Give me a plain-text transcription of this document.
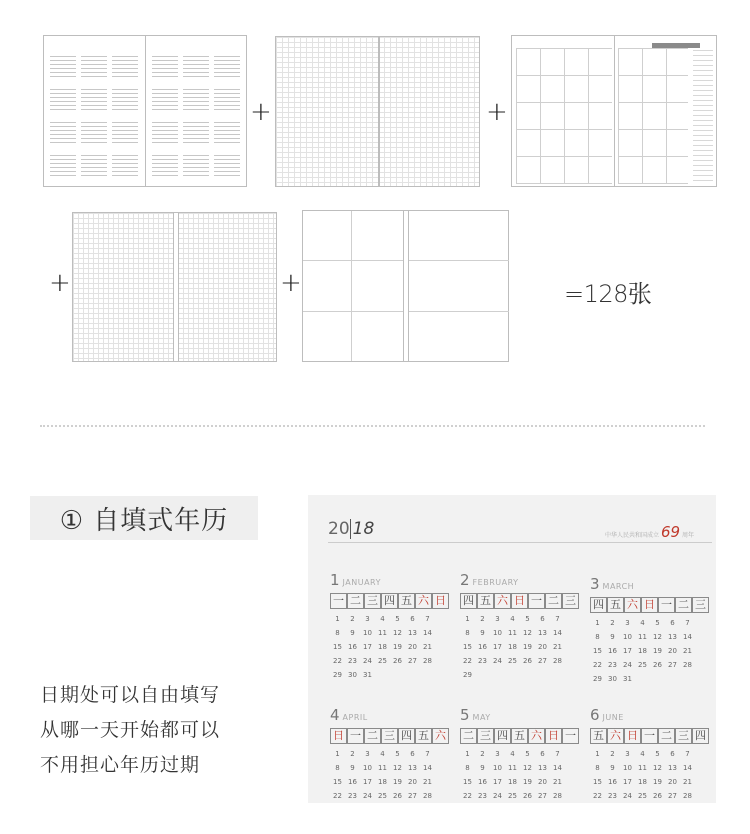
+	+
+	+	=128张
① 自填式年历
日期处可以自由填写
从哪一天开始都可以
不用担心年历过期
20 18	中华人民共和国成立 69 周年
1 JANUARY
一 二 三 四 五 六 日
1	2	3	4	5	6	7
8	9	10 11 12 13 14
15 16 17 18 19 20 21
22 23 24 25 26 27 28
29 30 31
2 FEBRUARY
四 五 六 日 一 二 三
1	2	3	4	5	6	7
8	9	10 11 12 13 14
15 16 17 18 19 20 21
22 23 24 25 26 27 28
29
3 MARCH
四 五 六 日 一 二 三
1	2	3	4	5	6	7
8	9	10 11 12 13 14
15 16 17 18 19 20 21
22 23 24 25 26 27 28
29 30 31
4 APRIL
日 一 二 三 四 五 六
1	2	3	4	5	6	7
8	9	10 11 12 13 14
15 16 17 18 19 20 21
22 23 24 25 26 27 28
5 MAY
二 三 四 五 六 日 一
1	2	3	4	5	6	7
8	9	10 11 12 13 14
15 16 17 18 19 20 21
22 23 24 25 26 27 28
6 JUNE
五 六 日 一 二 三 四
1	2	3	4	5	6	7
8	9	10 11 12 13 14
15 16 17 18 19 20 21
22 23 24 25 26 27 28
